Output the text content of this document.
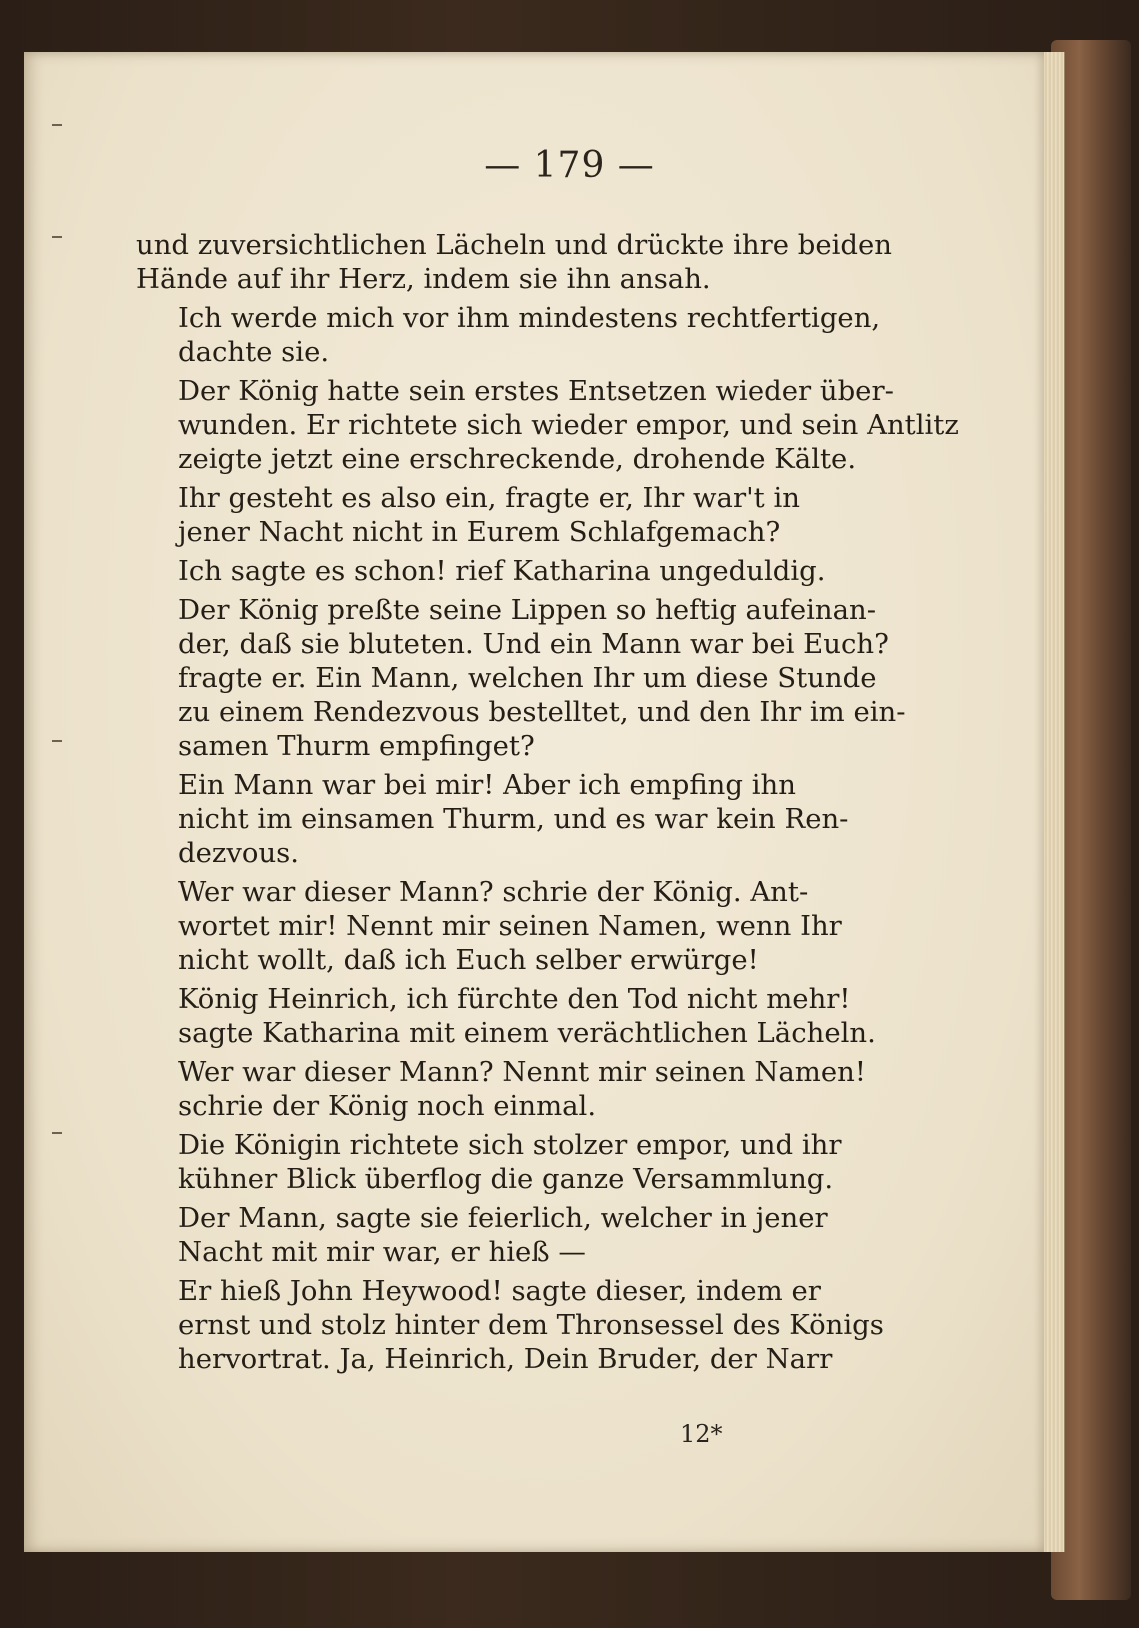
— 179 —
und zuversichtlichen Lächeln und drückte ihre beiden
Hände auf ihr Herz, indem sie ihn ansah.
Ich werde mich vor ihm mindestens rechtfertigen,
dachte sie.
Der König hatte sein erstes Entsetzen wieder über-
wunden. Er richtete sich wieder empor, und sein Antlitz
zeigte jetzt eine erschreckende, drohende Kälte.
Ihr gesteht es also ein, fragte er, Ihr war't in
jener Nacht nicht in Eurem Schlafgemach?
Ich sagte es schon! rief Katharina ungeduldig.
Der König preßte seine Lippen so heftig aufeinan-
der, daß sie bluteten. Und ein Mann war bei Euch?
fragte er. Ein Mann, welchen Ihr um diese Stunde
zu einem Rendezvous bestelltet, und den Ihr im ein-
samen Thurm empfinget?
Ein Mann war bei mir! Aber ich empfing ihn
nicht im einsamen Thurm, und es war kein Ren-
dezvous.
Wer war dieser Mann? schrie der König. Ant-
wortet mir! Nennt mir seinen Namen, wenn Ihr
nicht wollt, daß ich Euch selber erwürge!
König Heinrich, ich fürchte den Tod nicht mehr!
sagte Katharina mit einem verächtlichen Lächeln.
Wer war dieser Mann? Nennt mir seinen Namen!
schrie der König noch einmal.
Die Königin richtete sich stolzer empor, und ihr
kühner Blick überflog die ganze Versammlung.
Der Mann, sagte sie feierlich, welcher in jener
Nacht mit mir war, er hieß —
Er hieß John Heywood! sagte dieser, indem er
ernst und stolz hinter dem Thronsessel des Königs
hervortrat. Ja, Heinrich, Dein Bruder, der Narr
12*
